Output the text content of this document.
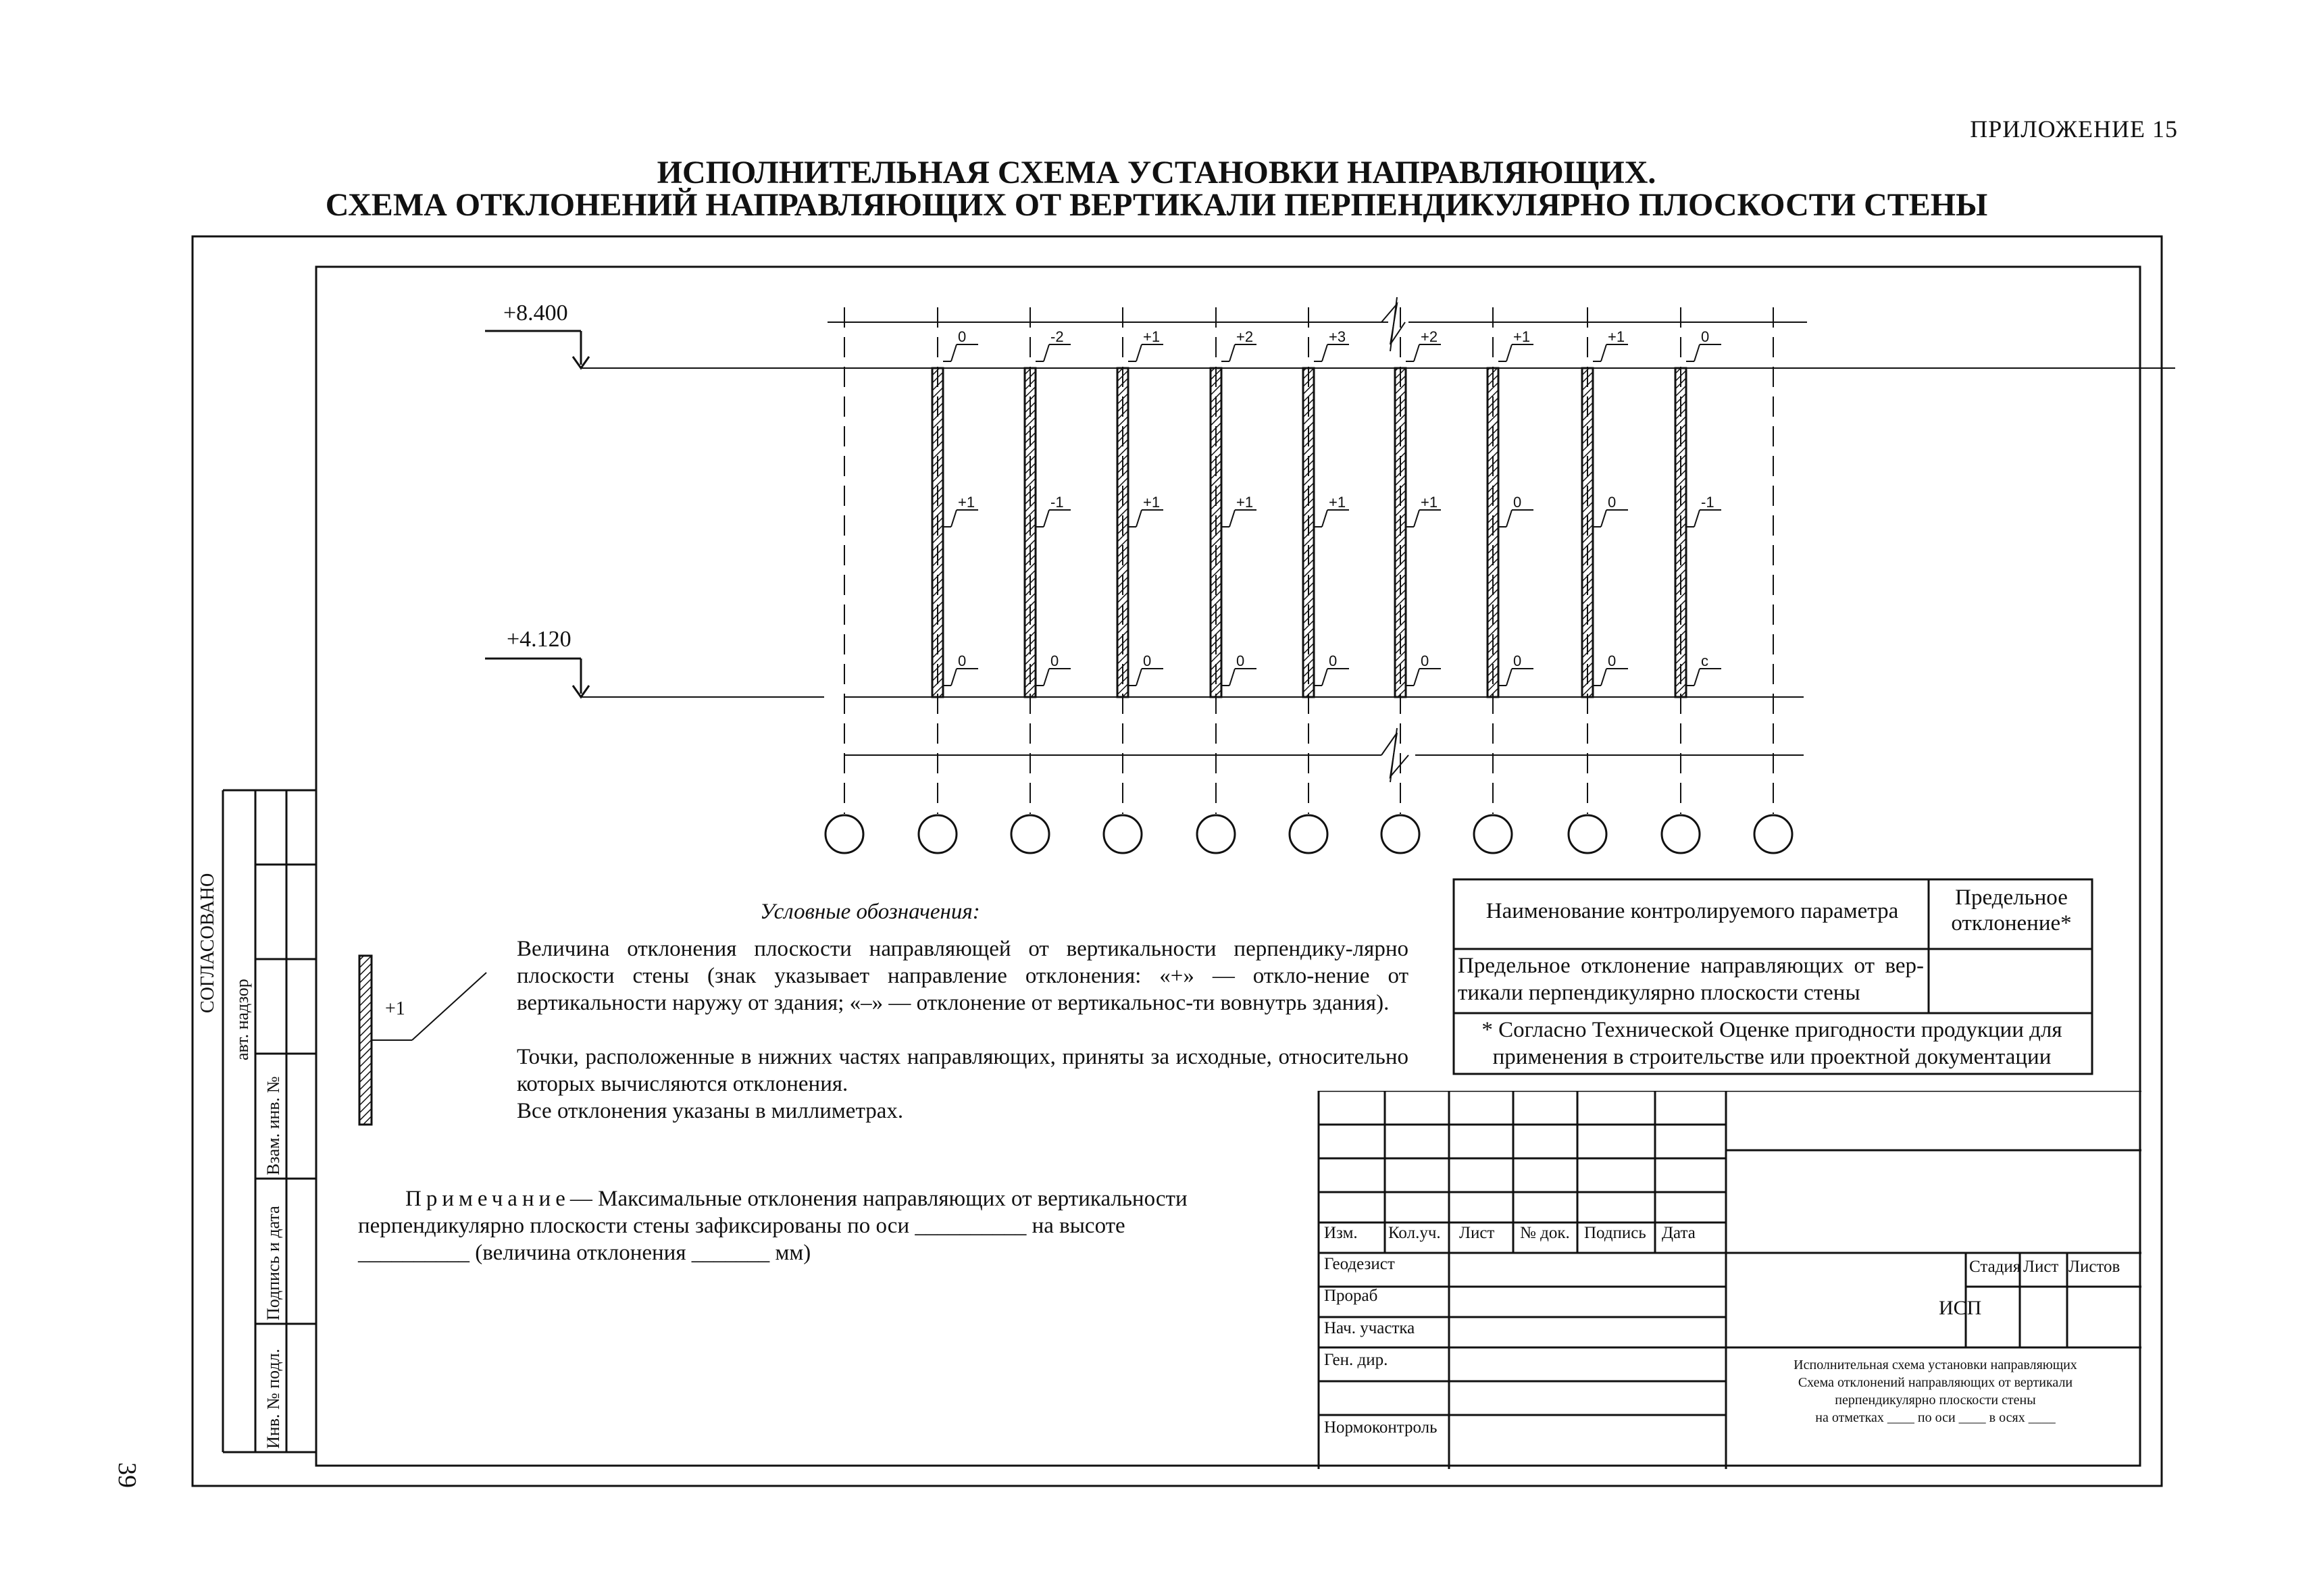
ПРИЛОЖЕНИЕ 15
ИСПОЛНИТЕЛЬНАЯ СХЕМА УСТАНОВКИ НАПРАВЛЯЮЩИХ.
СХЕМА ОТКЛОНЕНИЙ НАПРАВЛЯЮЩИХ ОТ ВЕРТИКАЛИ ПЕРПЕНДИКУЛЯРНО ПЛОСКОСТИ СТЕНЫ
39
0
+1
0
-2
-1
0
+1
+1
0
+2
+1
0
+3
+1
0
+2
+1
0
+1
0
0
+1
0
0
0
-1
c
+8.400
+4.120
Условные обозначения:
+1
Величина отклонения плоскости направляющей от вертикальности перпендику-лярно плоскости стены (знак указывает направление отклонения: «+» — откло-нение от вертикальности наружу от здания; «–» — отклонение от вертикальнос-ти вовнутрь здания).
Точки, расположенные в нижних частях направляющих, приняты за исходные, относительно которых вычисляются отклонения.
Все отклонения указаны в миллиметрах.
Примечание— Максимальные отклонения направляющих от вертикальности
перпендикулярно плоскости стены зафиксированы по оси __________ на высоте
__________ (величина отклонения _______ мм)
Наименование контролируемого параметра
Предельное отклонение*
Предельное отклонение направляющих от вер-тикали перпендикулярно плоскости стены
* Согласно Технической Оценке пригодности продукции для применения в строительстве или проектной документации
Изм. Кол.уч. Лист № док. Подпись Дата
Геодезист
Прораб
Нач. участка
Ген. дир.
Нормоконтроль
Стадия Лист Листов
ИСП
Исполнительная схема установки направляющих
Схема отклонений направляющих от вертикали
перпендикулярно плоскости стены
на отметках ____ по оси ____ в осях ____
СОГЛАСОВАНО
авт. надзор
Взам. инв. №
Подпись и дата
Инв. № подл.
